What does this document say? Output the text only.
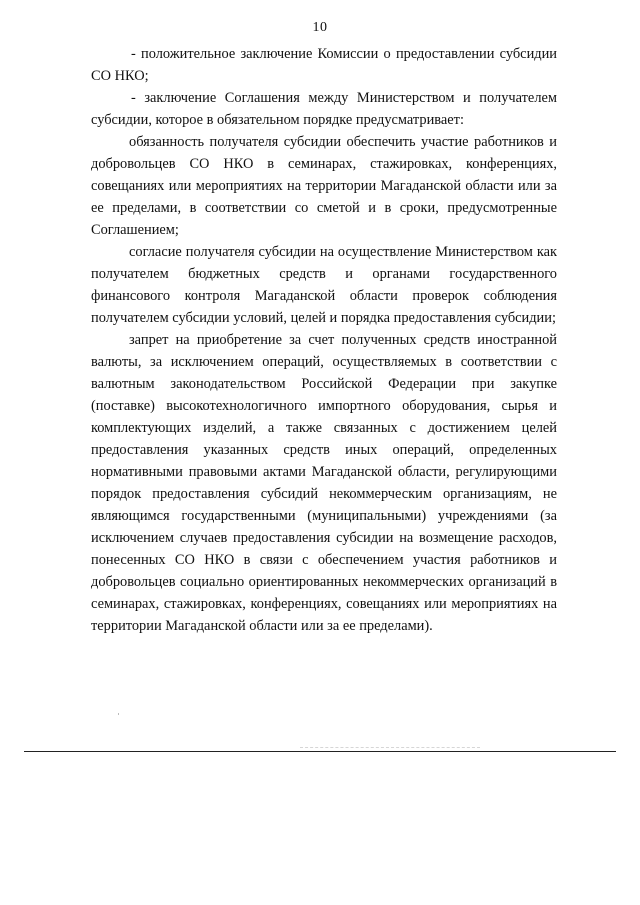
10

- положительное заключение Комиссии о предоставлении субсидии СО НКО;

- заключение Соглашения между Министерством и получателем субсидии, которое в обязательном порядке предусматривает:

обязанность получателя субсидии обеспечить участие работников и добровольцев СО НКО в семинарах, стажировках, конференциях, совещаниях или мероприятиях на территории Магаданской области или за ее пределами, в соответствии со сметой и в сроки, предусмотренные Соглашением;

согласие получателя субсидии на осуществление Министерством как получателем бюджетных средств и органами государственного финансового контроля Магаданской области проверок соблюдения получателем субсидии условий, целей и порядка предоставления субсидии;

запрет на приобретение за счет полученных средств иностранной валюты, за исключением операций, осуществляемых в соответствии с валютным законодательством Российской Федерации при закупке (поставке) высокотехнологичного импортного оборудования, сырья и комплектующих изделий, а также связанных с достижением целей предоставления указанных средств иных операций, определенных нормативными правовыми актами Магаданской области, регулирующими порядок предоставления субсидий некоммерческим организациям, не являющимся государственными (муниципальными) учреждениями (за исключением случаев предоставления субсидии на возмещение расходов, понесенных СО НКО в связи с обеспечением участия работников и добровольцев социально ориентированных некоммерческих организаций в семинарах, стажировках, конференциях, совещаниях или мероприятиях на территории Магаданской области или за ее пределами).
